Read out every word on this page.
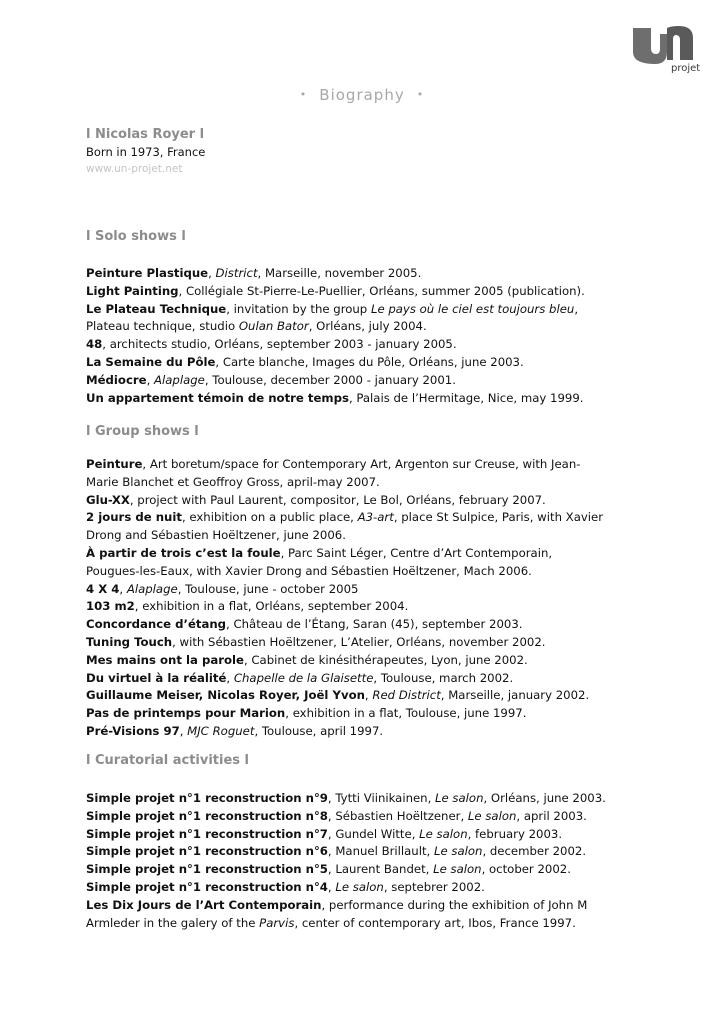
projet
• Biography •
l Nicolas Royer l
Born in 1973, France
www.un-projet.net
l Solo shows l

Peinture Plastique, District, Marseille, november 2005.

Light Painting, Collégiale St-Pierre-Le-Puellier, Orléans, summer 2005 (publication).

Le Plateau Technique, invitation by the group Le pays où le ciel est toujours bleu,
Plateau technique, studio Oulan Bator, Orléans, july 2004.

48, architects studio, Orléans, september 2003 - january 2005.

La Semaine du Pôle, Carte blanche, Images du Pôle, Orléans, june 2003.

Médiocre, Alaplage, Toulouse, december 2000 - january 2001.

Un appartement témoin de notre temps, Palais de l’Hermitage, Nice, may 1999.

l Group shows l

Peinture, Art boretum/space for Contemporary Art, Argenton sur Creuse, with Jean-
Marie Blanchet et Geoffroy Gross, april-may 2007.

Glu-XX, project with Paul Laurent, compositor, Le Bol, Orléans, february 2007.

2 jours de nuit, exhibition on a public place, A3-art, place St Sulpice, Paris, with Xavier
Drong and Sébastien Hoëltzener, june 2006.

À partir de trois c’est la foule, Parc Saint Léger, Centre d’Art Contemporain,
Pougues-les-Eaux, with Xavier Drong and Sébastien Hoëltzener, Mach 2006.

4 X 4, Alaplage, Toulouse, june - october 2005

103 m2, exhibition in a flat, Orléans, september 2004.

Concordance d’étang, Château de l’Étang, Saran (45), september 2003.

Tuning Touch, with Sébastien Hoëltzener, L’Atelier, Orléans, november 2002.

Mes mains ont la parole, Cabinet de kinésithérapeutes, Lyon, june 2002.

Du virtuel à la réalité, Chapelle de la Glaisette, Toulouse, march 2002.

Guillaume Meiser, Nicolas Royer, Joël Yvon, Red District, Marseille, january 2002.

Pas de printemps pour Marion, exhibition in a flat, Toulouse, june 1997.

Pré-Visions 97, MJC Roguet, Toulouse, april 1997.

l Curatorial activities l

Simple projet n°1 reconstruction n°9, Tytti Viinikainen, Le salon, Orléans, june 2003.

Simple projet n°1 reconstruction n°8, Sébastien Hoëltzener, Le salon, april 2003.

Simple projet n°1 reconstruction n°7, Gundel Witte, Le salon, february 2003.

Simple projet n°1 reconstruction n°6, Manuel Brillault, Le salon, december 2002.

Simple projet n°1 reconstruction n°5, Laurent Bandet, Le salon, october 2002.

Simple projet n°1 reconstruction n°4, Le salon, septebrer 2002.

Les Dix Jours de l’Art Contemporain, performance during the exhibition of John M
Armleder in the galery of the Parvis, center of contemporary art, Ibos, France 1997.
